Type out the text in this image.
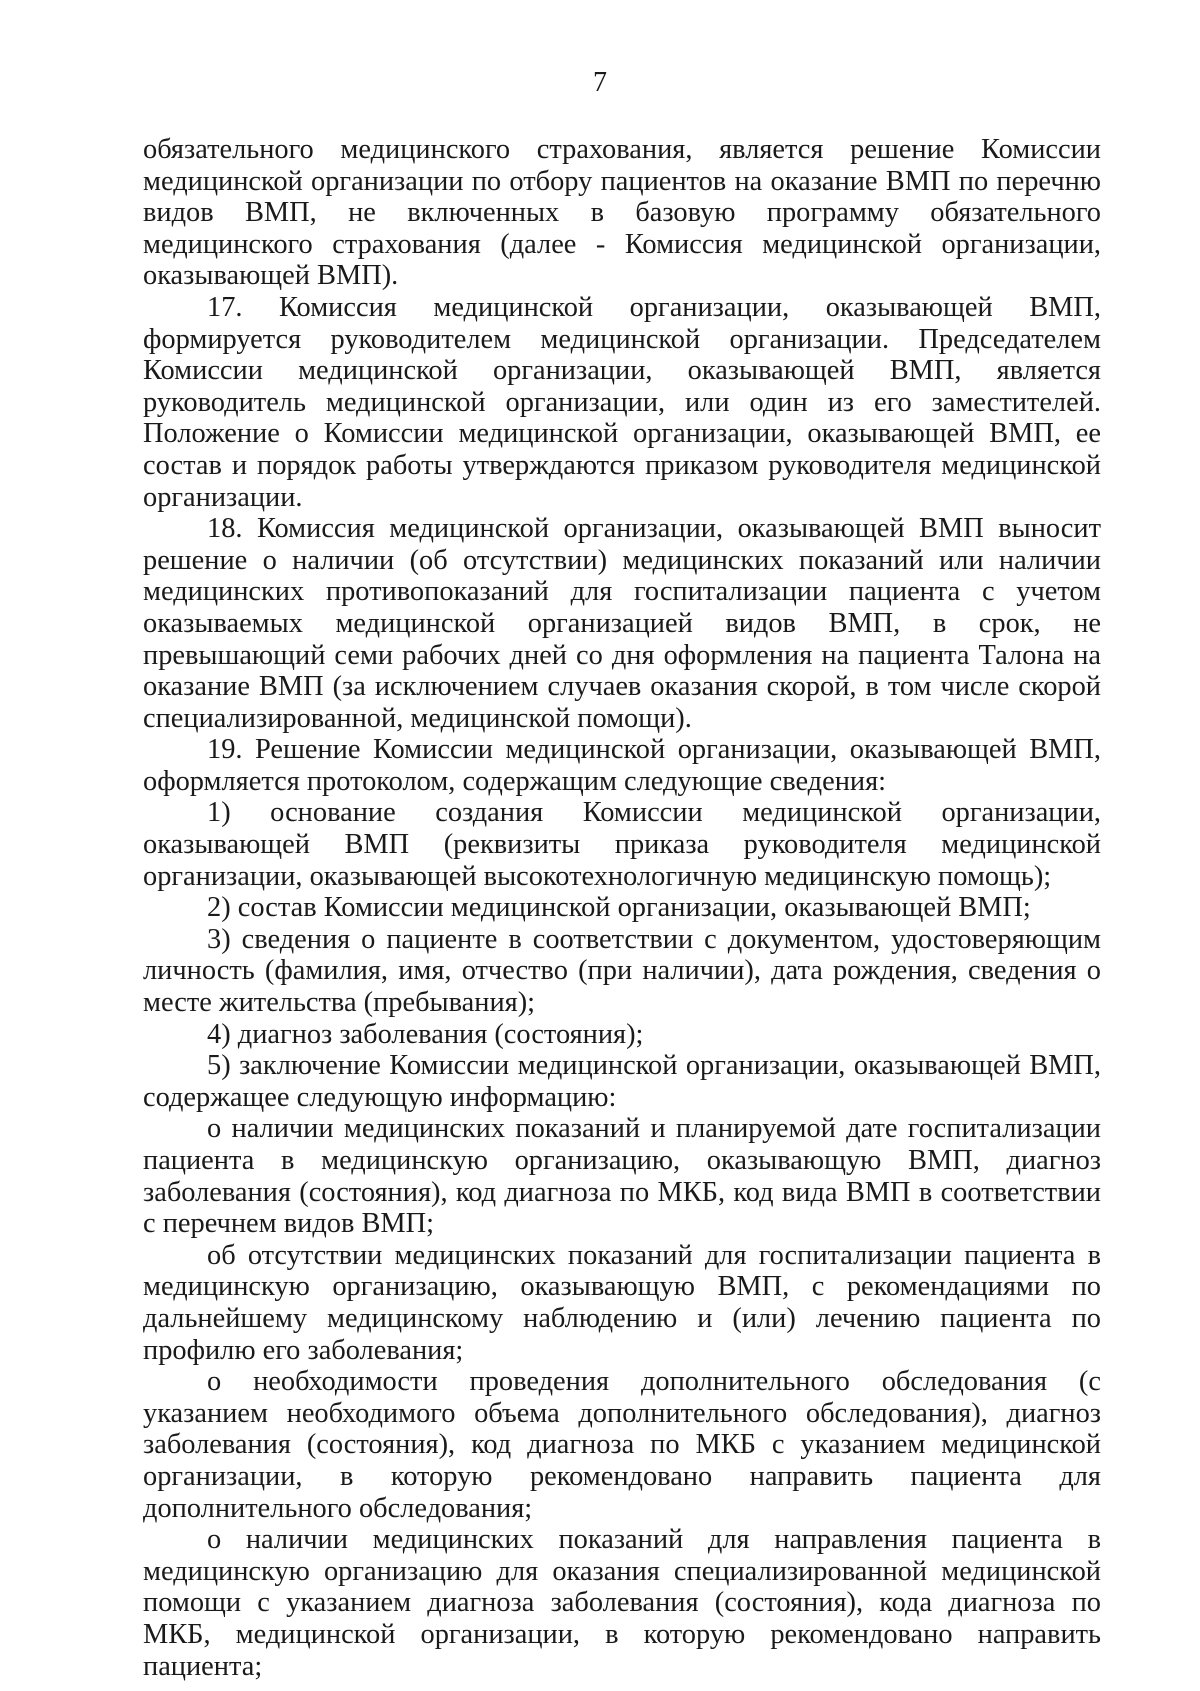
7

обязательного медицинского страхования, является решение Комиссии медицинской организации по отбору пациентов на оказание ВМП по перечню видов ВМП, не включенных в базовую программу обязательного медицинского страхования (далее - Комиссия медицинской организации, оказывающей ВМП).

17. Комиссия медицинской организации, оказывающей ВМП, формируется руководителем медицинской организации. Председателем Комиссии медицинской организации, оказывающей ВМП, является руководитель медицинской организации, или один из его заместителей. Положение о Комиссии медицинской организации, оказывающей ВМП, ее состав и порядок работы утверждаются приказом руководителя медицинской организации.

18. Комиссия медицинской организации, оказывающей ВМП выносит решение о наличии (об отсутствии) медицинских показаний или наличии медицинских противопоказаний для госпитализации пациента с учетом оказываемых медицинской организацией видов ВМП, в срок, не превышающий семи рабочих дней со дня оформления на пациента Талона на оказание ВМП (за исключением случаев оказания скорой, в том числе скорой специализированной, медицинской помощи).

19. Решение Комиссии медицинской организации, оказывающей ВМП, оформляется протоколом, содержащим следующие сведения:

1) основание создания Комиссии медицинской организации, оказывающей ВМП (реквизиты приказа руководителя медицинской организации, оказывающей высокотехнологичную медицинскую помощь);

2) состав Комиссии медицинской организации, оказывающей ВМП;

3) сведения о пациенте в соответствии с документом, удостоверяющим личность (фамилия, имя, отчество (при наличии), дата рождения, сведения о месте жительства (пребывания);

4) диагноз заболевания (состояния);

5) заключение Комиссии медицинской организации, оказывающей ВМП, содержащее следующую информацию:

о наличии медицинских показаний и планируемой дате госпитализации пациента в медицинскую организацию, оказывающую ВМП, диагноз заболевания (состояния), код диагноза по МКБ, код вида ВМП в соответствии с перечнем видов ВМП;

об отсутствии медицинских показаний для госпитализации пациента в медицинскую организацию, оказывающую ВМП, с рекомендациями по дальнейшему медицинскому наблюдению и (или) лечению пациента по профилю его заболевания;

о необходимости проведения дополнительного обследования (с указанием необходимого объема дополнительного обследования), диагноз заболевания (состояния), код диагноза по МКБ с указанием медицинской организации, в которую рекомендовано направить пациента для дополнительного обследования;

о наличии медицинских показаний для направления пациента в медицинскую организацию для оказания специализированной медицинской помощи с указанием диагноза заболевания (состояния), кода диагноза по МКБ, медицинской организации, в которую рекомендовано направить пациента;
